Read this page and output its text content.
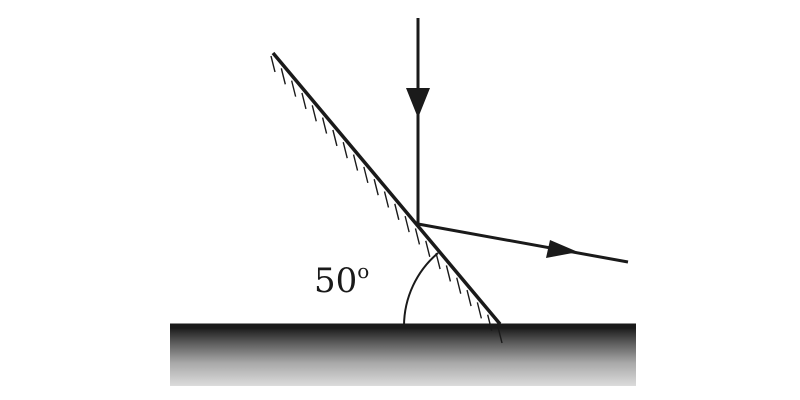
50$^o$
